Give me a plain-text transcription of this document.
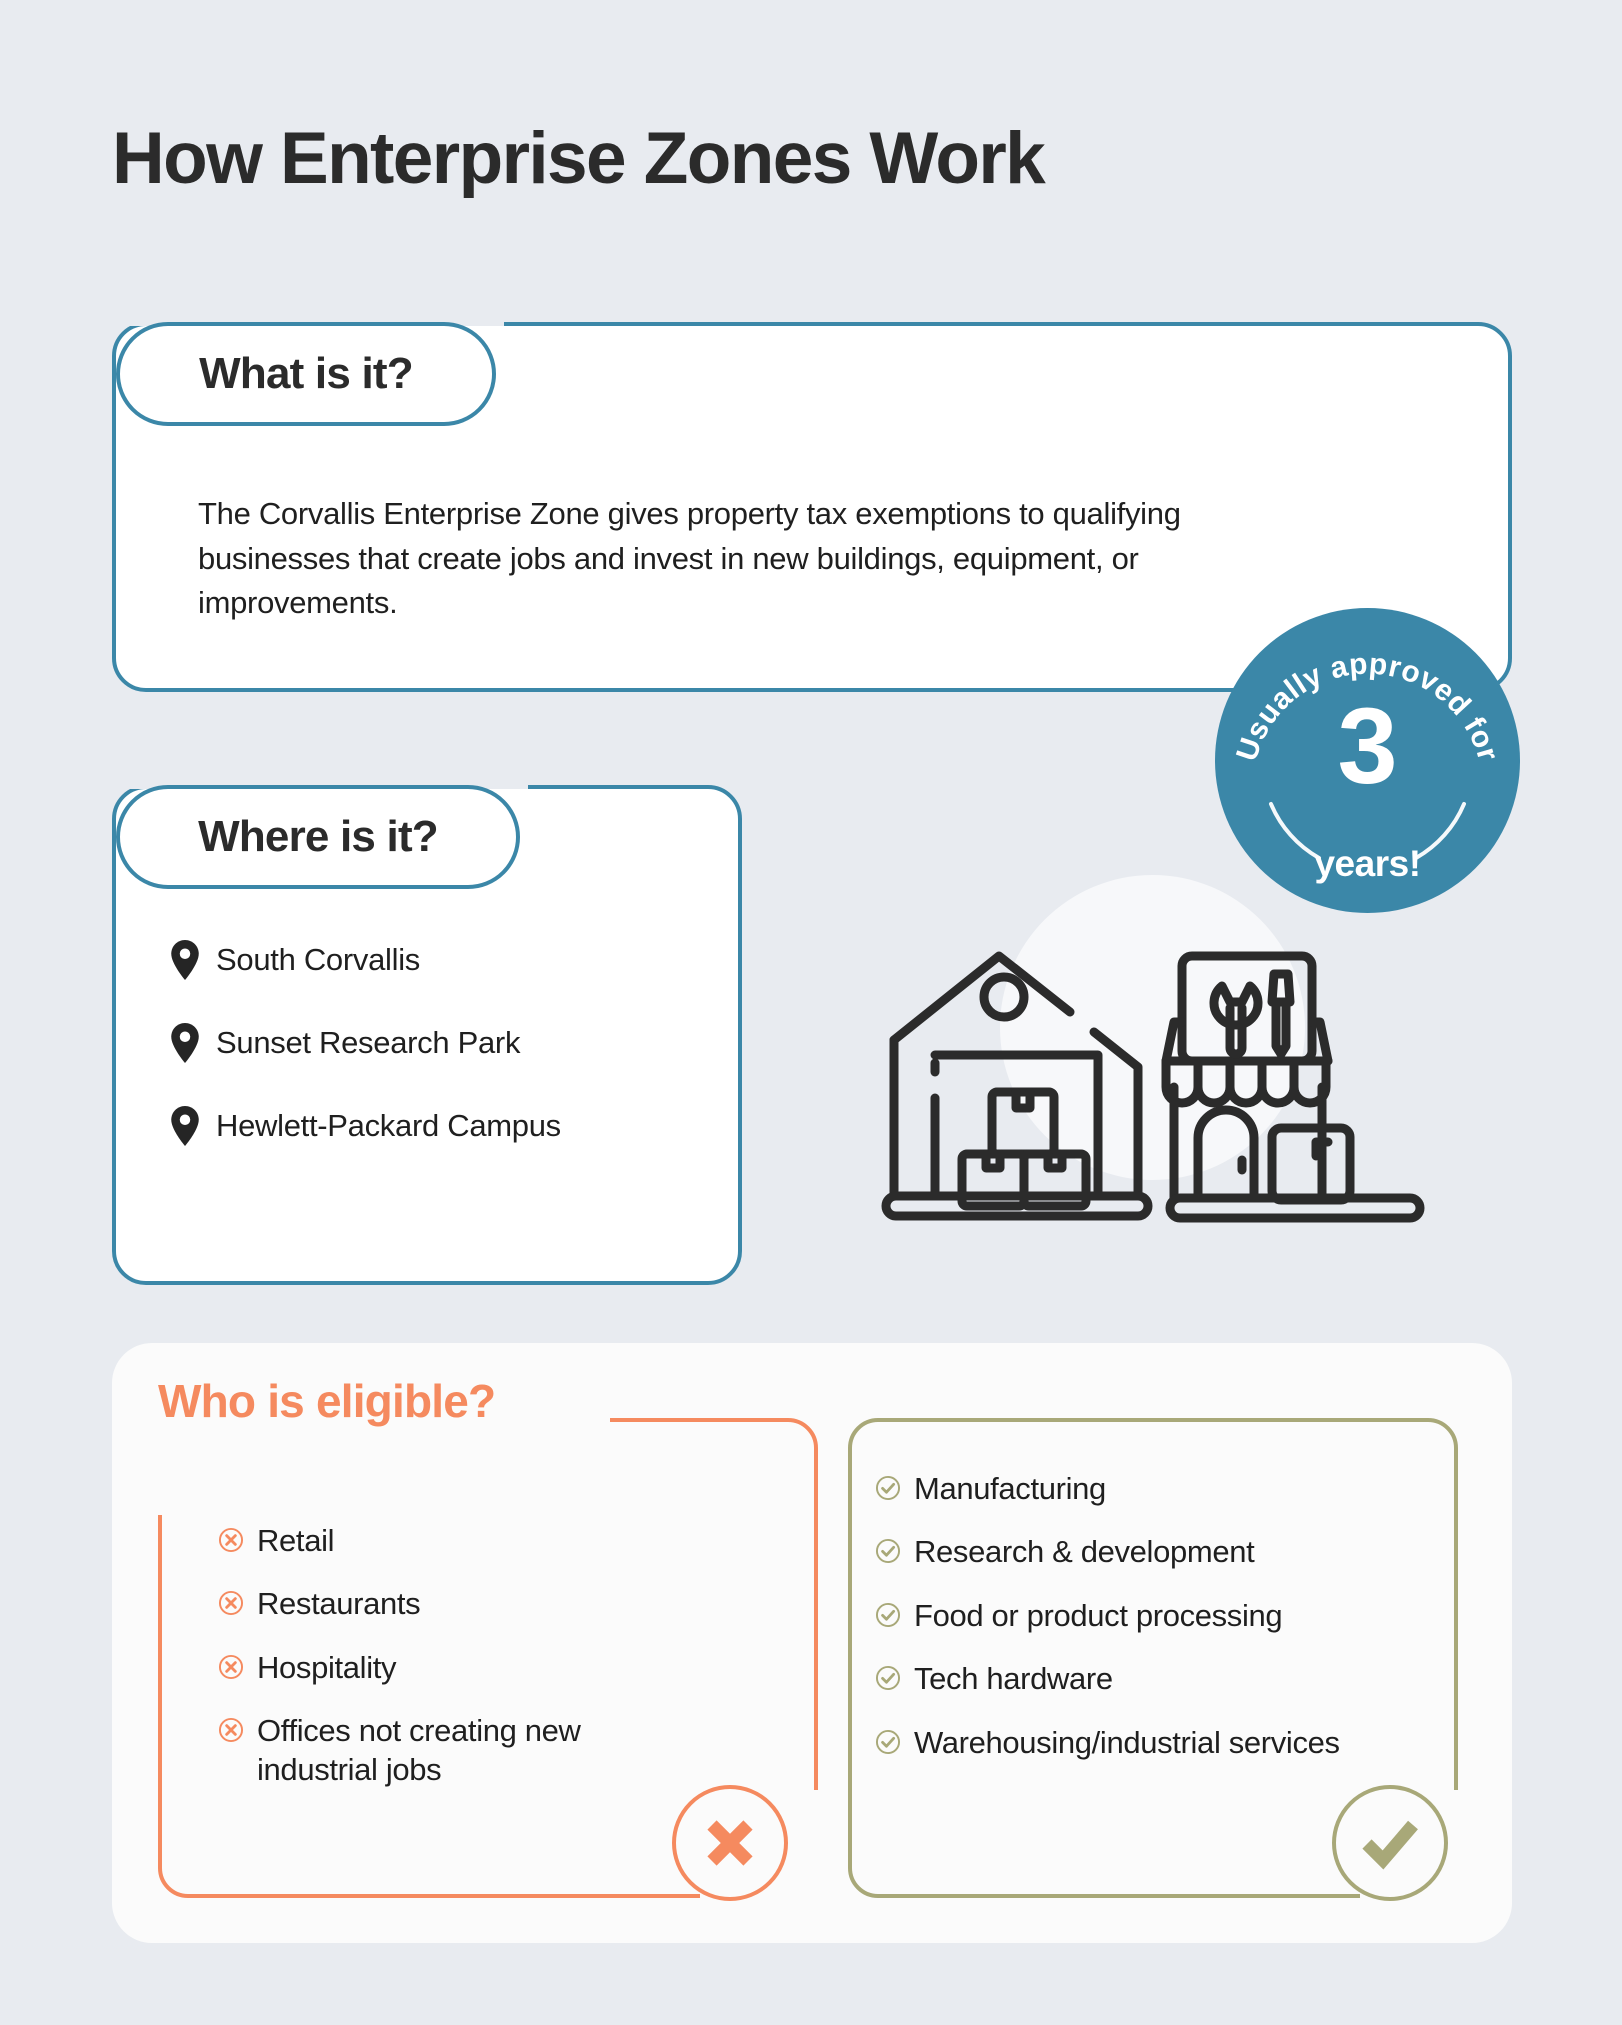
How Enterprise Zones Work
What is it?
The Corvallis Enterprise Zone gives property tax exemptions to qualifying businesses that create jobs and invest in new buildings, equipment, or improvements.
Usually approved for
3
years!
Where is it?
South Corvallis
Sunset Research Park
Hewlett-Packard Campus
Who is eligible?
Retail
Restaurants
Hospitality
Offices not creating new industrial jobs
Manufacturing
Research & development
Food or product processing
Tech hardware
Warehousing/industrial services
